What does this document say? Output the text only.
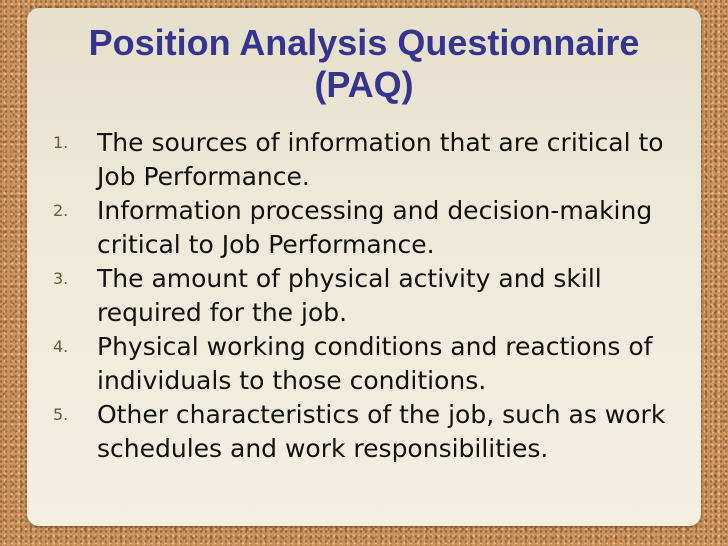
Position Analysis Questionnaire
(PAQ)
1. The sources of information that are critical to Job Performance.
2. Information processing and decision-making critical to Job Performance.
3. The amount of physical activity and skill required for the job.
4. Physical working conditions and reactions of individuals to those conditions.
5. Other characteristics of the job, such as work schedules and work responsibilities.
